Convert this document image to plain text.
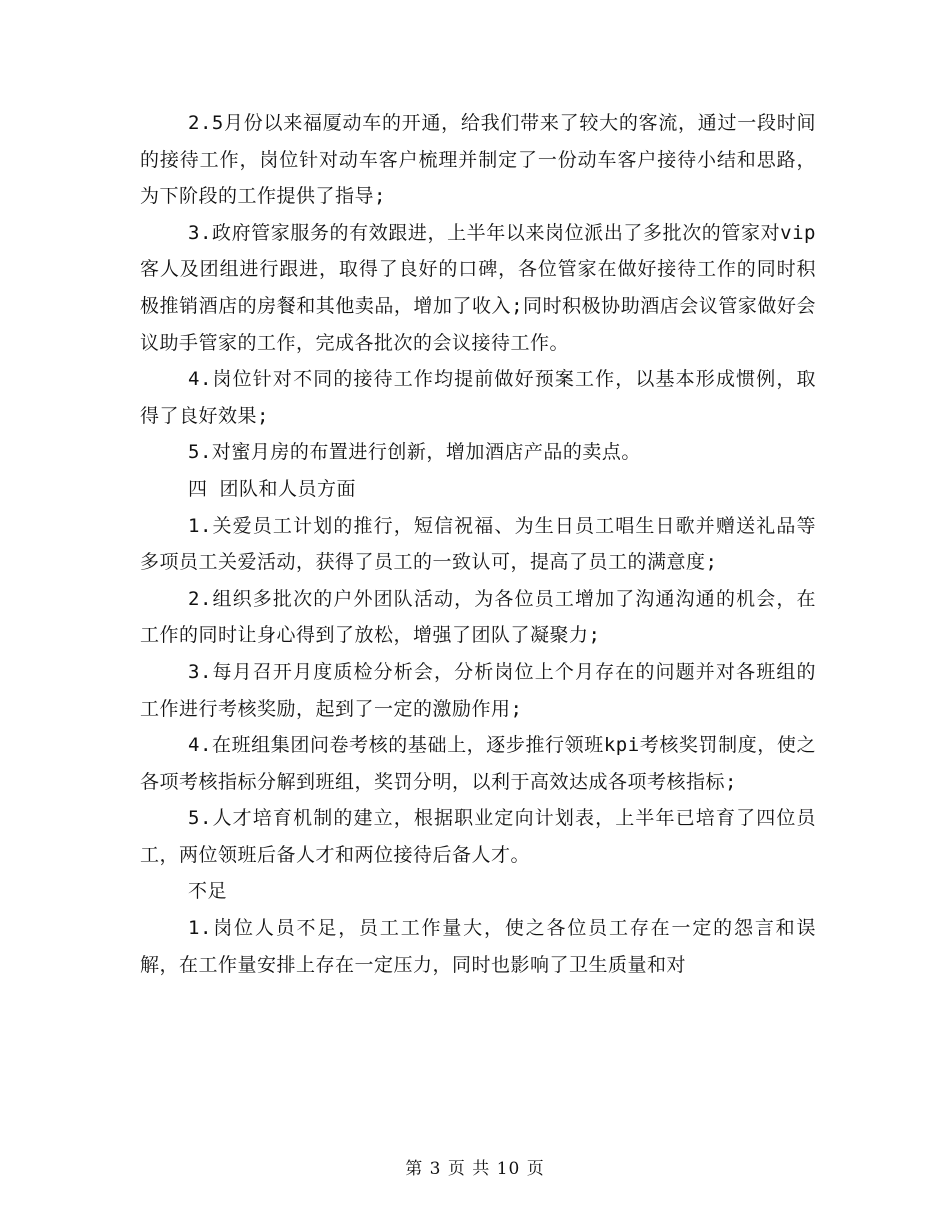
2.5月份以来福厦动车的开通，给我们带来了较大的客流，通过一段时间的接待工作，岗位针对动车客户梳理并制定了一份动车客户接待小结和思路，为下阶段的工作提供了指导;

3.政府管家服务的有效跟进，上半年以来岗位派出了多批次的管家对vip客人及团组进行跟进，取得了良好的口碑，各位管家在做好接待工作的同时积极推销酒店的房餐和其他卖品，增加了收入;同时积极协助酒店会议管家做好会议助手管家的工作，完成各批次的会议接待工作。

4.岗位针对不同的接待工作均提前做好预案工作，以基本形成惯例，取得了良好效果;

5.对蜜月房的布置进行创新，增加酒店产品的卖点。

四 团队和人员方面

1.关爱员工计划的推行，短信祝福、为生日员工唱生日歌并赠送礼品等多项员工关爱活动，获得了员工的一致认可，提高了员工的满意度;

2.组织多批次的户外团队活动，为各位员工增加了沟通沟通的机会，在工作的同时让身心得到了放松，增强了团队了凝聚力;

3.每月召开月度质检分析会，分析岗位上个月存在的问题并对各班组的工作进行考核奖励，起到了一定的激励作用;

4.在班组集团问卷考核的基础上，逐步推行领班kpi考核奖罚制度，使之各项考核指标分解到班组，奖罚分明，以利于高效达成各项考核指标;

5.人才培育机制的建立，根据职业定向计划表，上半年已培育了四位员工，两位领班后备人才和两位接待后备人才。

不足

1.岗位人员不足，员工工作量大，使之各位员工存在一定的怨言和误解，在工作量安排上存在一定压力，同时也影响了卫生质量和对

第 3 页 共 10 页
